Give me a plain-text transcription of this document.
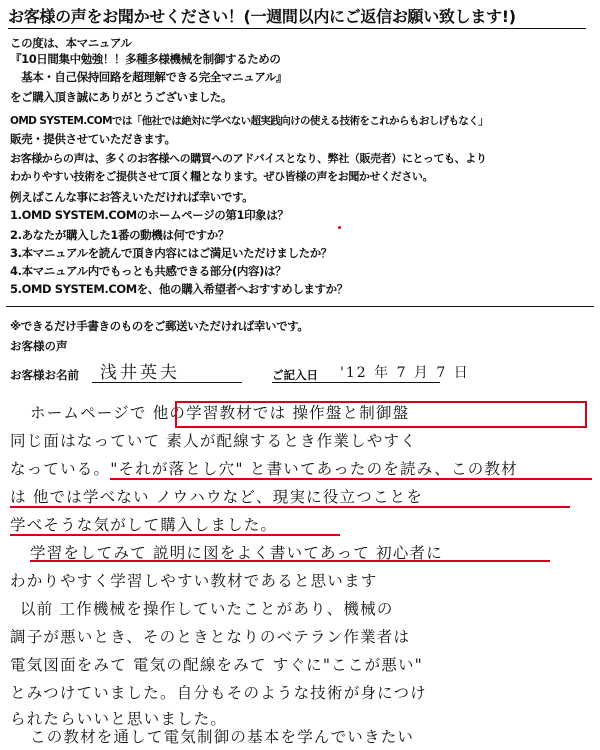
お客様の声をお聞かせください！(一週間以内にご返信お願い致します!)
この度は、本マニュアル
『10日間集中勉強！！多種多様機械を制御するための
　基本・自己保持回路を超理解できる完全マニュアル』
をご購入頂き誠にありがとうございました。
OMD SYSTEM.COMでは「他社では絶対に学べない超実践向けの使える技術をこれからもおしげもなく」
販売・提供させていただきます。
お客様からの声は、多くのお客様への購買へのアドバイスとなり、弊社（販売者）にとっても、より
わかりやすい技術をご提供させて頂く糧となります。ぜひ皆様の声をお聞かせください。
例えばこんな事にお答えいただければ幸いです。
1.OMD SYSTEM.COMのホームページの第1印象は？
2.あなたが購入した1番の動機は何ですか？
3.本マニュアルを読んで頂き内容にはご満足いただけましたか？
4.本マニュアル内でもっとも共感できる部分(内容)は？
5.OMD SYSTEM.COMを、他の購入希望者へおすすめしますか？
※できるだけ手書きのものをご郵送いただければ幸いです。
お客様の声
お客様お名前 浅井英夫	ご記入日 '12 年 7 月 7 日
ホームページで 他の学習教材では 操作盤と制御盤
同じ面はなっていて 素人が配線するとき作業しやすく
なっている。"それが落とし穴" と書いてあったのを読み、この教材
は 他では学べない ノウハウなど、現実に役立つことを
学べそうな気がして購入しました。
学習をしてみて 説明に図をよく書いてあって 初心者に
わかりやすく学習しやすい教材であると思います
以前 工作機械を操作していたことがあり、機械の
調子が悪いとき、そのときとなりのベテラン作業者は
電気図面をみて 電気の配線をみて すぐに"ここが悪い"
とみつけていました。自分もそのような技術が身につけ
られたらいいと思いました。
この教材を通して電気制御の基本を学んでいきたい
